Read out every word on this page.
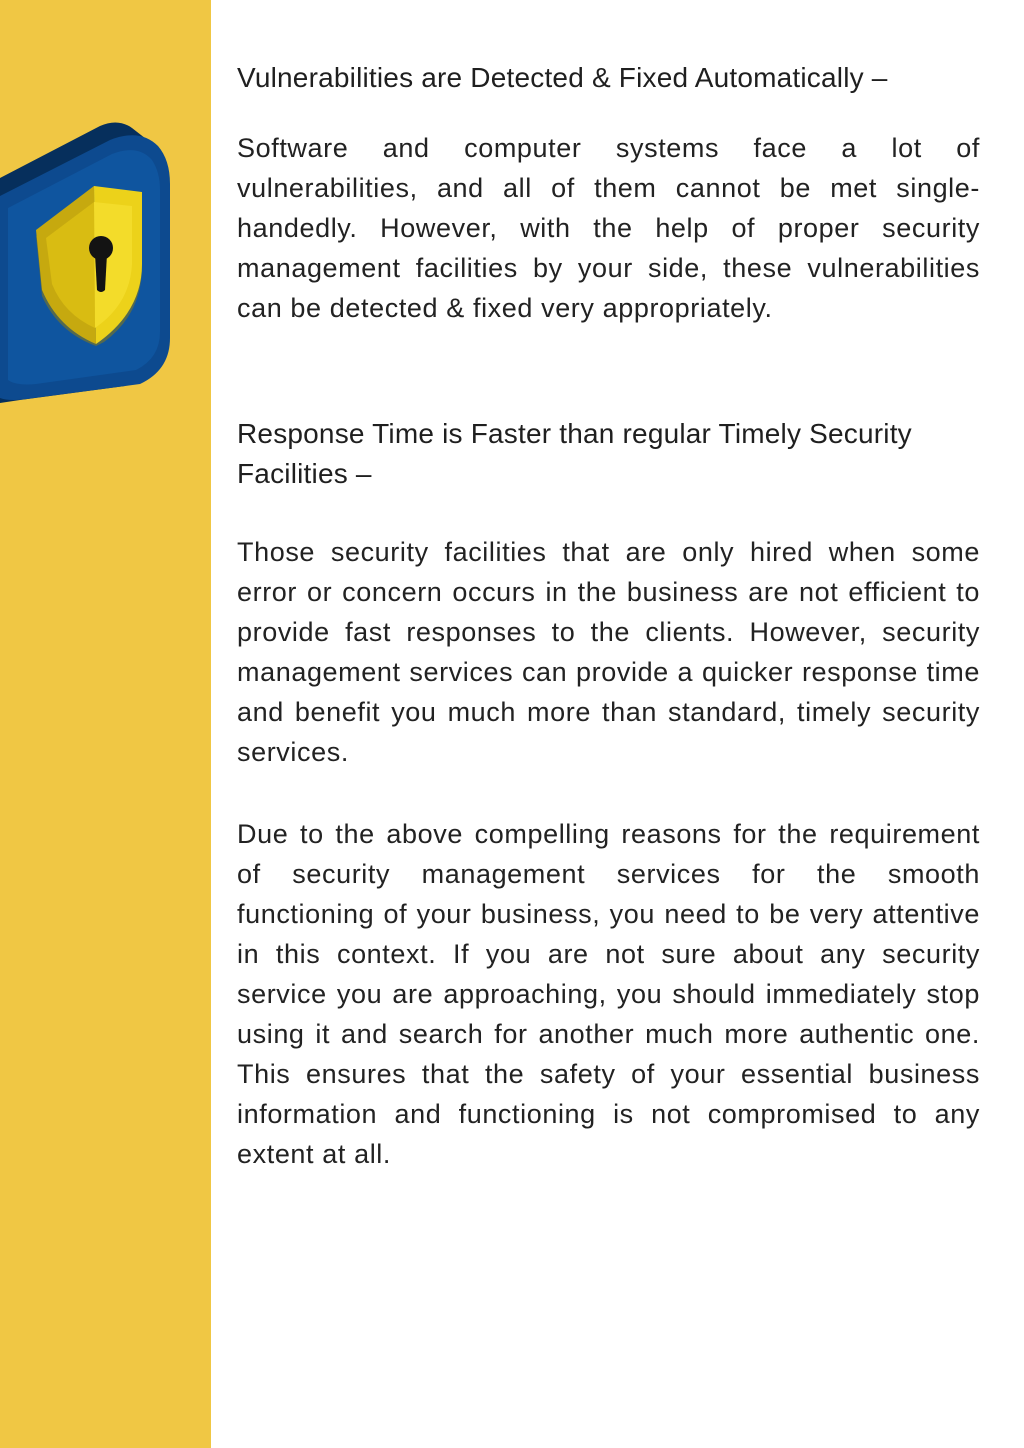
Vulnerabilities are Detected & Fixed Automatically –

Software and computer systems face a lot of vulnerabilities, and all of them cannot be met single-handedly. However, with the help of proper security management facilities by your side, these vulnerabilities can be detected & fixed very appropriately.

Response Time is Faster than regular Timely Security Facilities –

Those security facilities that are only hired when some error or concern occurs in the business are not efficient to provide fast responses to the clients. However, security management services can provide a quicker response time and benefit you much more than standard, timely security services.

Due to the above compelling reasons for the requirement of security management services for the smooth functioning of your business, you need to be very attentive in this context. If you are not sure about any security service you are approaching, you should immediately stop using it and search for another much more authentic one. This ensures that the safety of your essential business information and functioning is not compromised to any extent at all.
